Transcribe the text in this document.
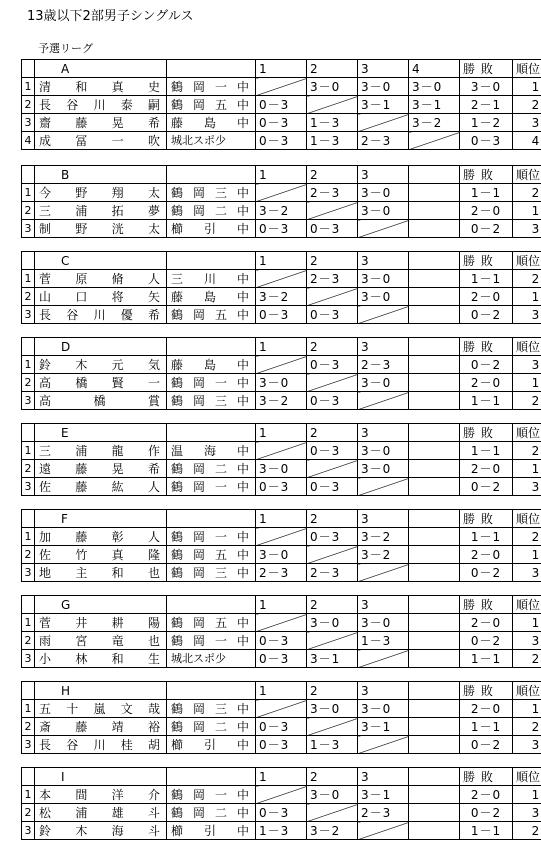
13歳以下2部男子シングルス
予選リーグ
	A		1	2	3	4	勝 敗	順位
1	清 和 真 史	鶴岡一中		3－0	3－0	3－0	3－0	1
2	長谷川泰嗣	鶴岡五中	0－3		3－1	3－1	2－1	2
3	齋 藤 晃 希	藤 島 中	0－3	1－3		3－2	1－2	3
4	成 冨 一 吹	城北スポ少	0－3	1－3	2－3		0－3	4
	B		1	2	3		勝 敗	順位
1	今 野 翔 太	鶴岡三中		2－3	3－0		1－1	2
2	三 浦 拓 夢	鶴岡二中	3－2		3－0		2－0	1
3	制 野 洸 太	櫛 引 中	0－3	0－3			0－2	3
	C		1	2	3		勝 敗	順位
1	菅 原 脩 人	三 川 中		2－3	3－0		1－1	2
2	山 口 将 矢	藤 島 中	3－2		3－0		2－0	1
3	長谷川優希	鶴岡五中	0－3	0－3			0－2	3
	D		1	2	3		勝 敗	順位
1	鈴 木 元 気	藤 島 中		0－3	2－3		0－2	3
2	高 橋 賢 一	鶴岡一中	3－0		3－0		2－0	1
3	高 橋 賞	鶴岡三中	3－2	0－3			1－1	2
	E		1	2	3		勝 敗	順位
1	三 浦 龍 作	温 海 中		0－3	3－0		1－1	2
2	遠 藤 晃 希	鶴岡二中	3－0		3－0		2－0	1
3	佐 藤 紘 人	鶴岡一中	0－3	0－3			0－2	3
	F		1	2	3		勝 敗	順位
1	加 藤 彰 人	鶴岡一中		0－3	3－2		1－1	2
2	佐 竹 真 隆	鶴岡五中	3－0		3－2		2－0	1
3	地 主 和 也	鶴岡三中	2－3	2－3			0－2	3
	G		1	2	3		勝 敗	順位
1	菅 井 耕 陽	鶴岡五中		3－0	3－0		2－0	1
2	雨 宮 竜 也	鶴岡一中	0－3		1－3		0－2	3
3	小 林 和 生	城北スポ少	0－3	3－1			1－1	2
	H		1	2	3		勝 敗	順位
1	五十嵐文哉	鶴岡三中		3－0	3－0		2－0	1
2	斎 藤 靖 裕	鶴岡二中	0－3		3－1		1－1	2
3	長谷川桂胡	櫛 引 中	0－3	1－3			0－2	3
	I		1	2	3		勝 敗	順位
1	本 間 洋 介	鶴岡一中		3－0	3－1		2－0	1
2	松 浦 雄 斗	鶴岡二中	0－3		2－3		0－2	3
3	鈴 木 海 斗	櫛 引 中	1－3	3－2			1－1	2
